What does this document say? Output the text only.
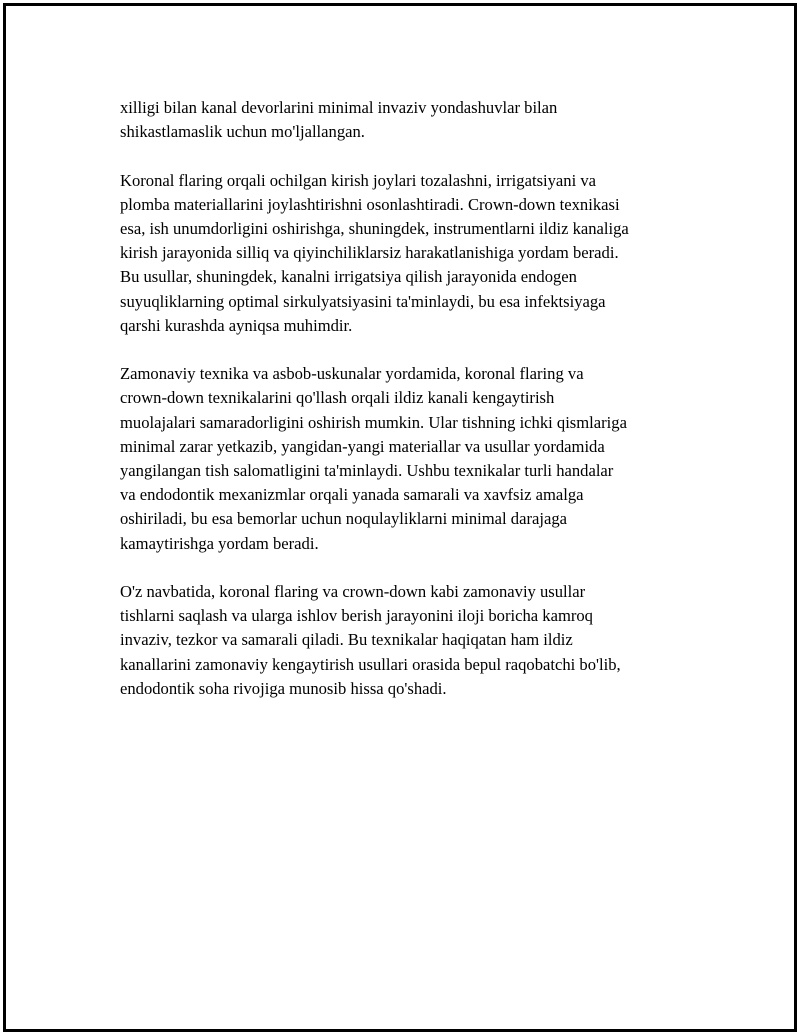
xilligi bilan kanal devorlarini minimal invaziv yondashuvlar bilan
shikastlamaslik uchun mo'ljallangan.

Koronal flaring orqali ochilgan kirish joylari tozalashni, irrigatsiyani va
plomba materiallarini joylashtirishni osonlashtiradi. Crown-down texnikasi
esa, ish unumdorligini oshirishga, shuningdek, instrumentlarni ildiz kanaliga
kirish jarayonida silliq va qiyinchiliklarsiz harakatlanishiga yordam beradi.
Bu usullar, shuningdek, kanalni irrigatsiya qilish jarayonida endogen
suyuqliklarning optimal sirkulyatsiyasini ta'minlaydi, bu esa infektsiyaga
qarshi kurashda ayniqsa muhimdir.

Zamonaviy texnika va asbob-uskunalar yordamida, koronal flaring va
crown-down texnikalarini qo'llash orqali ildiz kanali kengaytirish
muolajalari samaradorligini oshirish mumkin. Ular tishning ichki qismlariga
minimal zarar yetkazib, yangidan-yangi materiallar va usullar yordamida
yangilangan tish salomatligini ta'minlaydi. Ushbu texnikalar turli handalar
va endodontik mexanizmlar orqali yanada samarali va xavfsiz amalga
oshiriladi, bu esa bemorlar uchun noqulayliklarni minimal darajaga
kamaytirishga yordam beradi.

O'z navbatida, koronal flaring va crown-down kabi zamonaviy usullar
tishlarni saqlash va ularga ishlov berish jarayonini iloji boricha kamroq
invaziv, tezkor va samarali qiladi. Bu texnikalar haqiqatan ham ildiz
kanallarini zamonaviy kengaytirish usullari orasida bepul raqobatchi bo'lib,
endodontik soha rivojiga munosib hissa qo'shadi.
